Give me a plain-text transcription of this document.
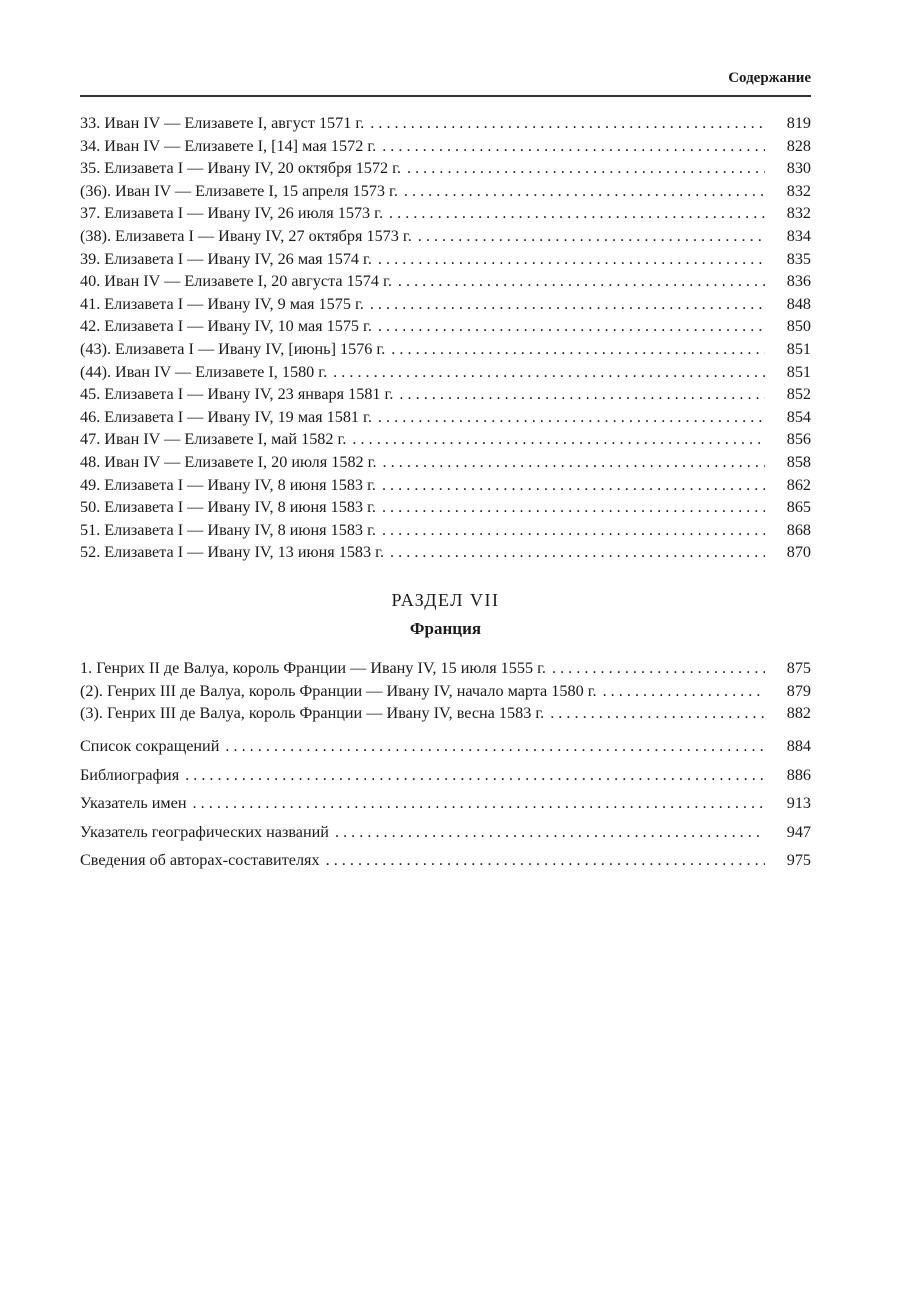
Содержание
33. Иван IV — Елизавете I, август 1571 г. . . .	819
34. Иван IV — Елизавете I, [14] мая 1572 г. . . .	828
35. Елизавета I — Ивану IV, 20 октября 1572 г. . . .	830
(36). Иван IV — Елизавете I, 15 апреля 1573 г. . . .	832
37. Елизавета I — Ивану IV, 26 июля 1573 г. . . .	832
(38). Елизавета I — Ивану IV, 27 октября 1573 г. . . .	834
39. Елизавета I — Ивану IV, 26 мая 1574 г. . . .	835
40. Иван IV — Елизавете I, 20 августа 1574 г. . . .	836
41. Елизавета I — Ивану IV, 9 мая 1575 г. . . .	848
42. Елизавета I — Ивану IV, 10 мая 1575 г. . . .	850
(43). Елизавета I — Ивану IV, [июнь] 1576 г. . . .	851
(44). Иван IV — Елизавете I, 1580 г. . . .	851
45. Елизавета I — Ивану IV, 23 января 1581 г. . . .	852
46. Елизавета I — Ивану IV, 19 мая 1581 г. . . .	854
47. Иван IV — Елизавете I, май 1582 г. . . .	856
48. Иван IV — Елизавете I, 20 июля 1582 г. . . .	858
49. Елизавета I — Ивану IV, 8 июня 1583 г. . . .	862
50. Елизавета I — Ивану IV, 8 июня 1583 г. . . .	865
51. Елизавета I — Ивану IV, 8 июня 1583 г. . . .	868
52. Елизавета I — Ивану IV, 13 июня 1583 г. . . .	870
РАЗДЕЛ VII
Франция
1. Генрих II де Валуа, король Франции — Ивану IV, 15 июля 1555 г. . . .	875
(2). Генрих III де Валуа, король Франции — Ивану IV, начало марта 1580 г. . . .	879
(3). Генрих III де Валуа, король Франции — Ивану IV, весна 1583 г. . . .	882
Список сокращений . . .	884
Библиография . . .	886
Указатель имен . . .	913
Указатель географических названий . . .	947
Сведения об авторах-составителях . . .	975
